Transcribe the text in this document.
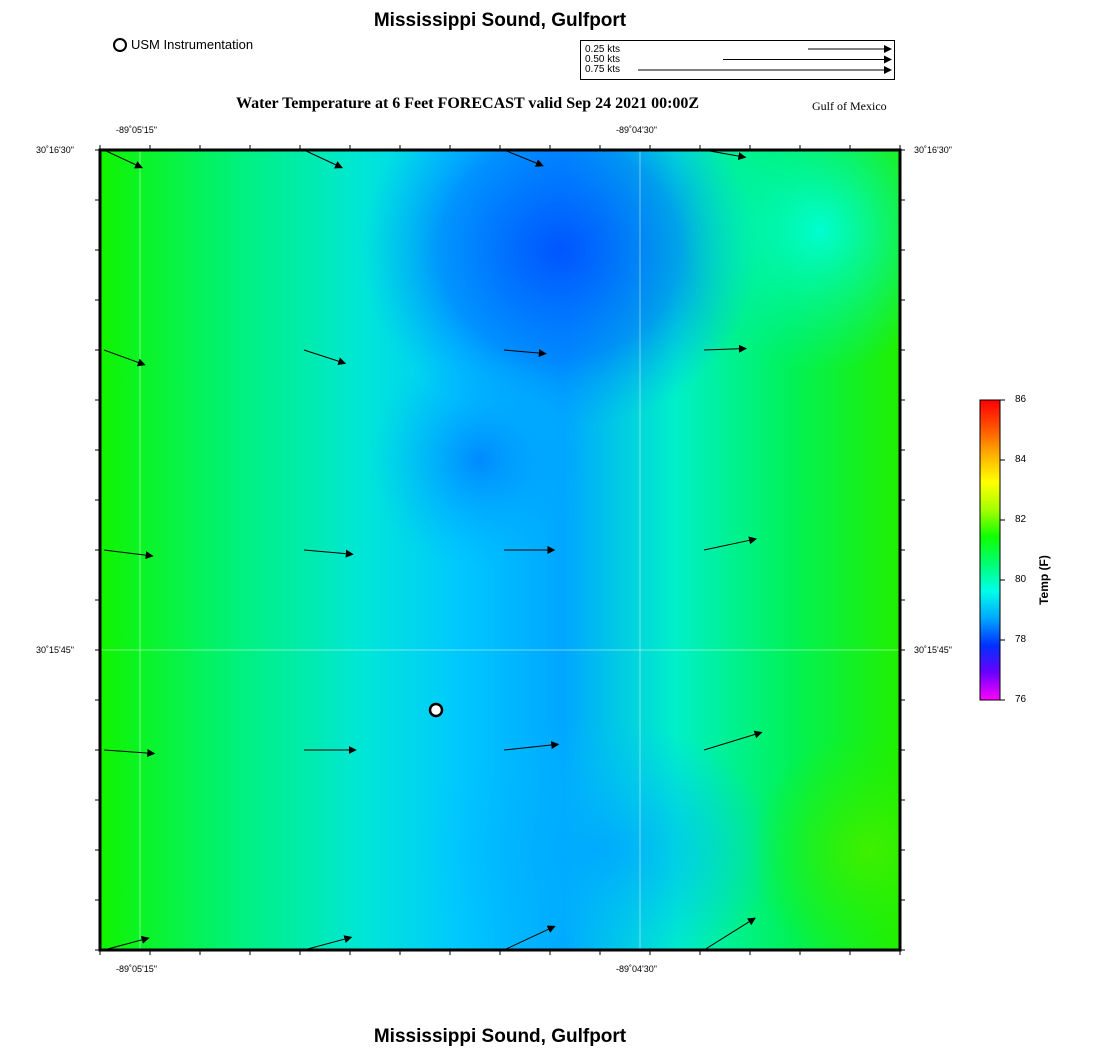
Mississippi Sound, Gulfport
USM Instrumentation	0.25 kts
0.50 kts
0.75 kts
Water Temperature at 6 Feet FORECAST valid Sep 24 2021 00:00Z	Gulf of Mexico
-89˚05'15"	-89˚04'30"
-89˚05'15"	-89˚04'30"
30˚16'30"
30˚15'45"
30˚16'30"
30˚15'45"
86
84
82
80
78
76
Temp (F)
Mississippi Sound, Gulfport
